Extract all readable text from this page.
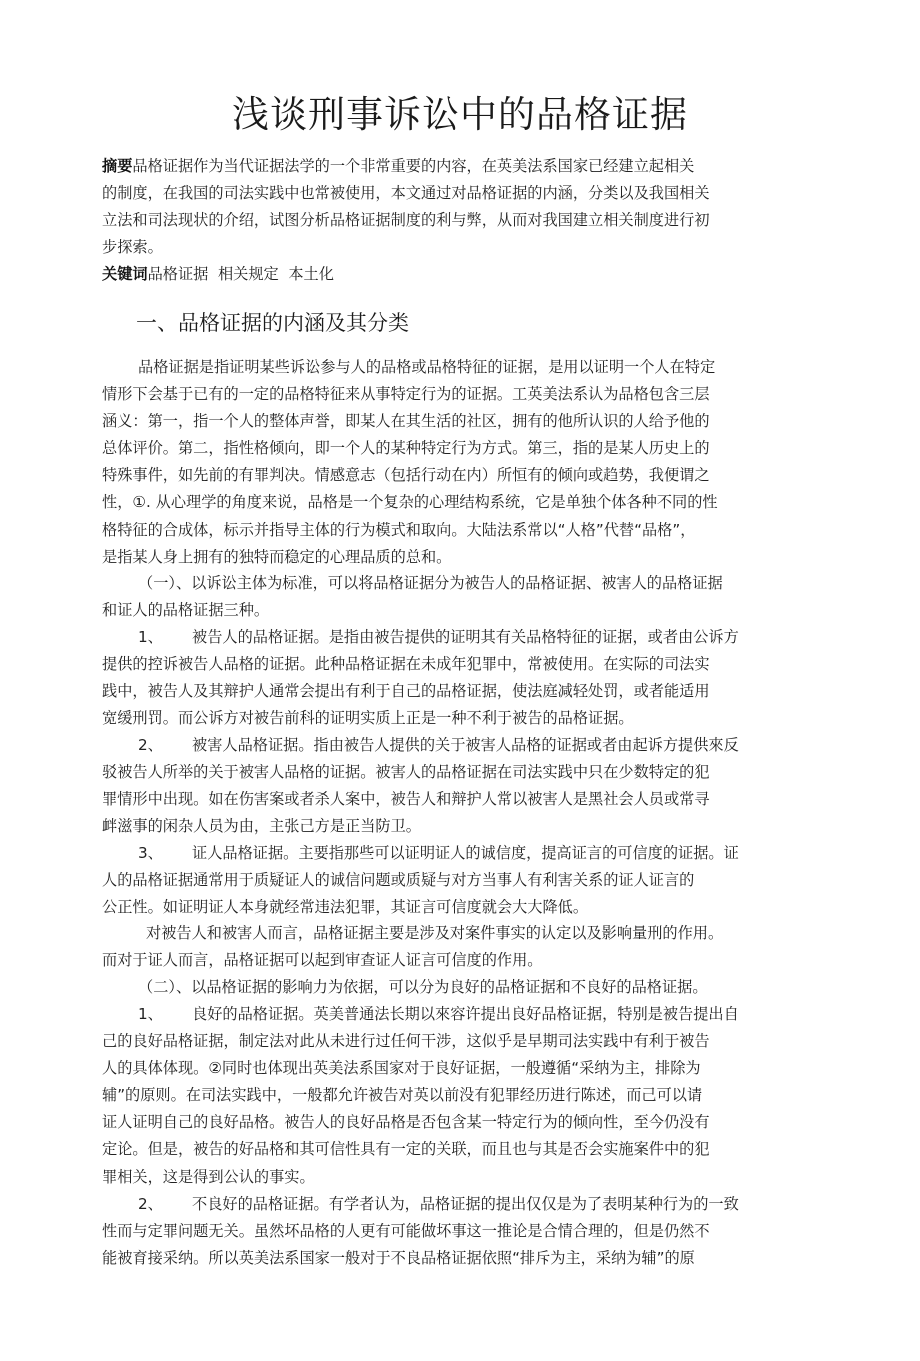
浅谈刑事诉讼中的品格证据
摘要品格证据作为当代证据法学的一个非常重要的内容，在英美法系国家已经建立起相关
的制度，在我国的司法实践中也常被使用，本文通过对品格证据的内涵，分类以及我国相关
立法和司法现状的介绍，试图分析品格证据制度的利与弊，从而对我国建立相关制度进行初
步探索。
关键词品格证据  相关规定  本土化
一、品格证据的内涵及其分类
品格证据是指证明某些诉讼参与人的品格或品格特征的证据，是用以证明一个人在特定
情形下会基于已有的一定的品格特征来从事特定行为的证据。工英美法系认为品格包含三层
涵义：第一，指一个人的整体声誉，即某人在其生活的社区，拥有的他所认识的人给予他的
总体评价。第二，指性格倾向，即一个人的某种特定行为方式。第三，指的是某人历史上的
特殊事件，如先前的有罪判决。情感意志（包括行动在内）所恒有的倾向或趋势，我便谓之
性，①. 从心理学的角度来说，品格是一个复杂的心理结构系统，它是单独个体各种不同的性
格特征的合成体，标示并指导主体的行为模式和取向。大陆法系常以“人格”代替“品格”，
是指某人身上拥有的独特而稳定的心理品质的总和。
（一）、以诉讼主体为标准，可以将品格证据分为被告人的品格证据、被害人的品格证据
和证人的品格证据三种。
1、 被告人的品格证据。是指由被告提供的证明其有关品格特征的证据，或者由公诉方
提供的控诉被告人品格的证据。此种品格证据在未成年犯罪中，常被使用。在实际的司法实
践中，被告人及其辩护人通常会提出有利于自己的品格证据，使法庭减轻处罚，或者能适用
宽缓刑罚。而公诉方对被告前科的证明实质上正是一种不利于被告的品格证据。
2、 被害人品格证据。指由被告人提供的关于被害人品格的证据或者由起诉方提供來反
驳被告人所举的关于被害人品格的证据。被害人的品格证据在司法实践中只在少数特定的犯
罪情形中出现。如在伤害案或者杀人案中，被告人和辩护人常以被害人是黑社会人员或常寻
衅滋事的闲杂人员为由，主张己方是正当防卫。
3、 证人品格证据。主要指那些可以证明证人的诚信度，提高证言的可信度的证据。证
人的品格证据通常用于质疑证人的诚信问题或质疑与对方当事人有利害关系的证人证言的
公正性。如证明证人本身就经常违法犯罪，其证言可信度就会大大降低。
对被告人和被害人而言，品格证据主要是涉及对案件事实的认定以及影响量刑的作用。
而对于证人而言，品格证据可以起到审查证人证言可信度的作用。
（二）、以品格证据的影响力为依据，可以分为良好的品格证据和不良好的品格证据。
1、 良好的品格证据。英美普通法长期以來容许提出良好品格证据，特别是被告提出自
己的良好品格证据，制定法对此从未进行过任何干涉，这似乎是早期司法实践中有利于被告
人的具体体现。②同时也体现出英美法系国家对于良好证据，一般遵循“采纳为主，排除为
辅”的原则。在司法实践中，一般都允许被告对英以前没有犯罪经历进行陈述，而己可以请
证人证明自己的良好品格。被告人的良好品格是否包含某一特定行为的倾向性，至今仍没有
定论。但是，被告的好品格和其可信性具有一定的关联，而且也与其是否会实施案件中的犯
罪相关，这是得到公认的事实。
2、 不良好的品格证据。有学者认为，品格证据的提出仅仅是为了表明某种行为的一致
性而与定罪问题无关。虽然坏品格的人更有可能做坏事这一推论是合情合理的，但是仍然不
能被育接采纳。所以英美法系国家一般对于不良品格证据依照“排斥为主，采纳为辅”的原
